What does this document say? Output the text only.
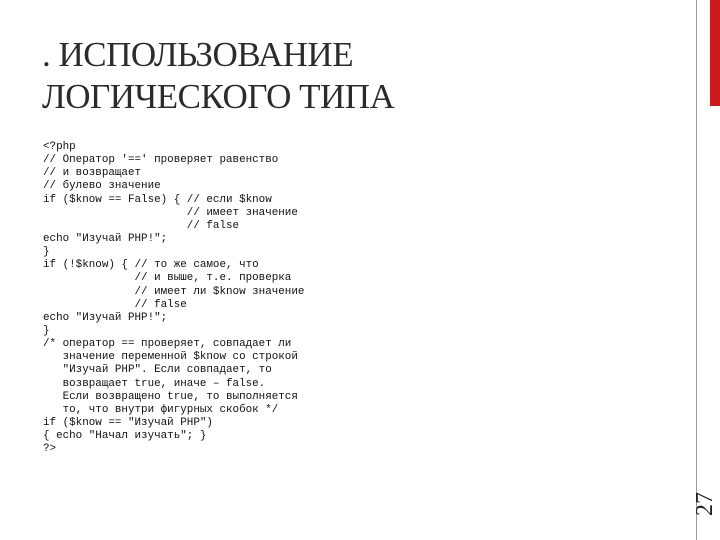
. ИСПОЛЬЗОВАНИЕ
ЛОГИЧЕСКОГО ТИПА
<?php
// Оператор '==' проверяет равенство
// и возвращает
// булево значение
if ($know == False) { // если $know
// имеет значение
// false
echo "Изучай PHP!";
}
if (!$know) { // то же самое, что
// и выше, т.е. проверка
// имеет ли $know значение
// false
echo "Изучай PHP!";
}
/* оператор == проверяет, совпадает ли
значение переменной $know со строкой
"Изучай PHP". Если совпадает, то
возвращает true, иначе – false.
Если возвращено true, то выполняется
то, что внутри фигурных скобок */
if ($know == "Изучай PHP")
{ echo "Начал изучать"; }
?>
27
